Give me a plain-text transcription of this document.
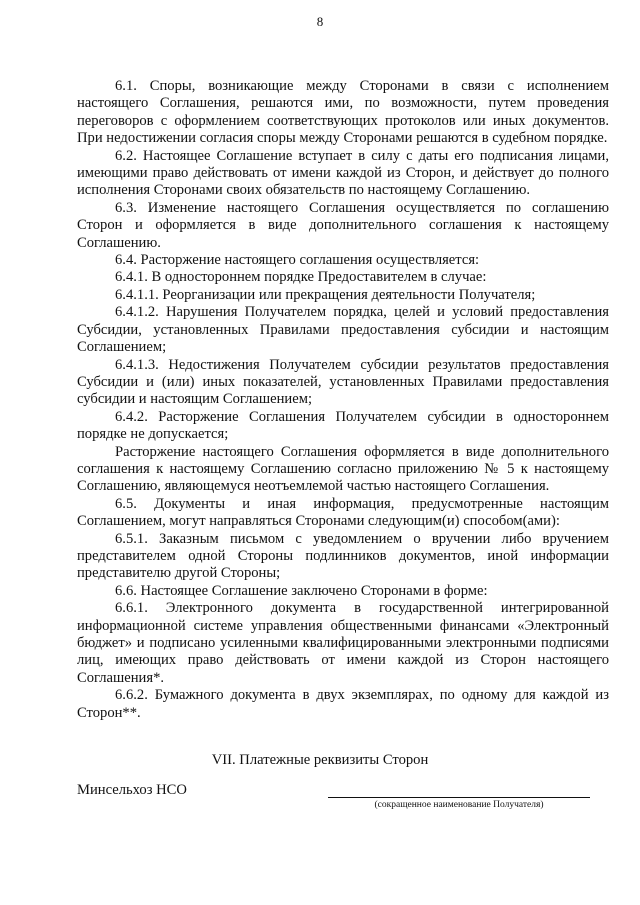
8

6.1. Споры, возникающие между Сторонами в связи с исполнением настоящего Соглашения, решаются ими, по возможности, путем проведения переговоров с оформлением соответствующих протоколов или иных документов. При недостижении согласия споры между Сторонами решаются в судебном порядке.

6.2. Настоящее Соглашение вступает в силу с даты его подписания лицами, имеющими право действовать от имени каждой из Сторон, и действует до полного исполнения Сторонами своих обязательств по настоящему Соглашению.

6.3. Изменение настоящего Соглашения осуществляется по соглашению Сторон и оформляется в виде дополнительного соглашения к настоящему Соглашению.

6.4. Расторжение настоящего соглашения осуществляется:

6.4.1. В одностороннем порядке Предоставителем в случае:

6.4.1.1. Реорганизации или прекращения деятельности Получателя;

6.4.1.2. Нарушения Получателем порядка, целей и условий предоставления Субсидии, установленных Правилами предоставления субсидии и настоящим Соглашением;

6.4.1.3. Недостижения Получателем субсидии результатов предоставления Субсидии и (или) иных показателей, установленных Правилами предоставления субсидии и настоящим Соглашением;

6.4.2. Расторжение Соглашения Получателем субсидии в одностороннем порядке не допускается;

Расторжение настоящего Соглашения оформляется в виде дополнительного соглашения к настоящему Соглашению согласно приложению № 5 к настоящему Соглашению, являющемуся неотъемлемой частью настоящего Соглашения.

6.5. Документы и иная информация, предусмотренные настоящим Соглашением, могут направляться Сторонами следующим(и) способом(ами):

6.5.1. Заказным письмом с уведомлением о вручении либо вручением представителем одной Стороны подлинников документов, иной информации представителю другой Стороны;

6.6. Настоящее Соглашение заключено Сторонами в форме:

6.6.1. Электронного документа в государственной интегрированной информационной системе управления общественными финансами «Электронный бюджет» и подписано усиленными квалифицированными электронными подписями лиц, имеющих право действовать от имени каждой из Сторон настоящего Соглашения*.

6.6.2. Бумажного документа в двух экземплярах, по одному для каждой из Сторон**.

VII. Платежные реквизиты Сторон
Минсельхоз НСО
(сокращенное наименование Получателя)
